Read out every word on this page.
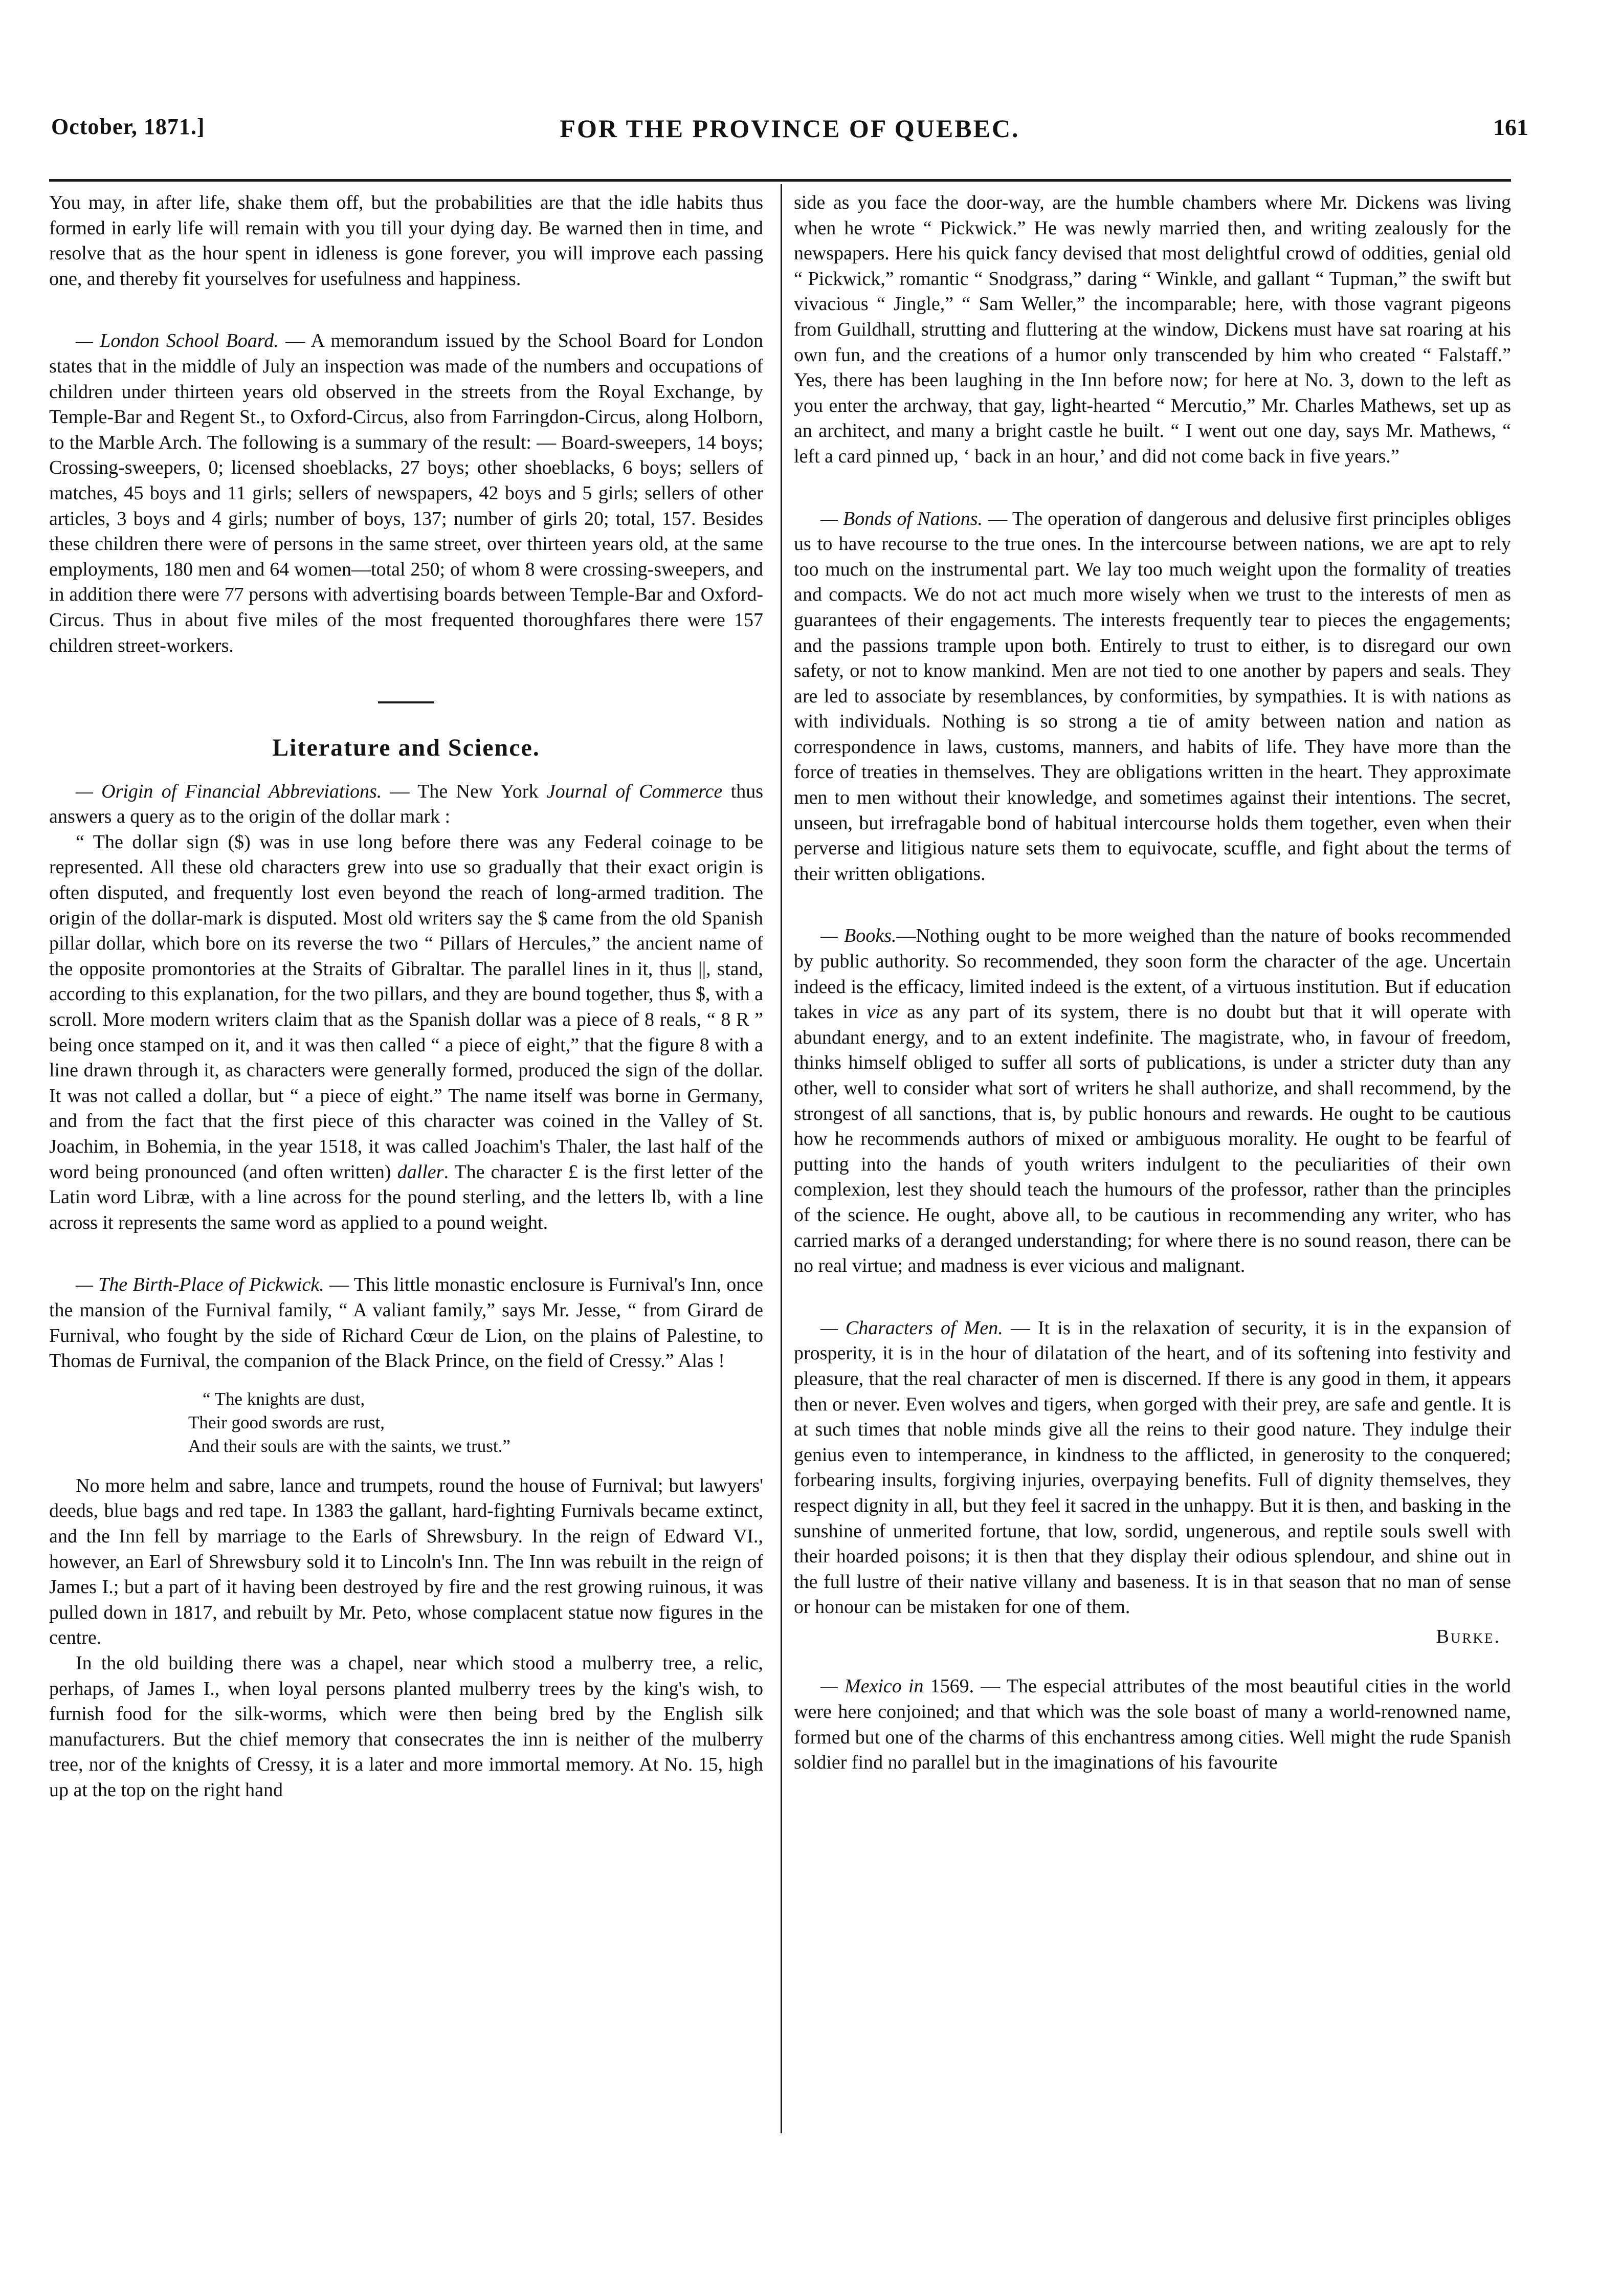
October, 1871.]	FOR THE PROVINCE OF QUEBEC.	161

You may, in after life, shake them off, but the probabilities are that the idle habits thus formed in early life will remain with you till your dying day. Be warned then in time, and resolve that as the hour spent in idleness is gone forever, you will improve each passing one, and thereby fit yourselves for usefulness and happiness.

— London School Board. — A memorandum issued by the School Board for London states that in the middle of July an inspection was made of the numbers and occupations of children under thirteen years old observed in the streets from the Royal Exchange, by Temple-Bar and Regent St., to Oxford-Circus, also from Farringdon-Circus, along Holborn, to the Marble Arch. The following is a summary of the result: — Board-sweepers, 14 boys; Crossing-sweepers, 0; licensed shoeblacks, 27 boys; other shoeblacks, 6 boys; sellers of matches, 45 boys and 11 girls; sellers of newspapers, 42 boys and 5 girls; sellers of other articles, 3 boys and 4 girls; number of boys, 137; number of girls 20; total, 157. Besides these children there were of persons in the same street, over thirteen years old, at the same employments, 180 men and 64 women—total 250; of whom 8 were crossing-sweepers, and in addition there were 77 persons with advertising boards between Temple-Bar and Oxford-Circus. Thus in about five miles of the most frequented thoroughfares there were 157 children street-workers.

Literature and Science.

— Origin of Financial Abbreviations. — The New York Journal of Commerce thus answers a query as to the origin of the dollar mark :

“ The dollar sign ($) was in use long before there was any Federal coinage to be represented. All these old characters grew into use so gradually that their exact origin is often disputed, and frequently lost even beyond the reach of long-armed tradition. The origin of the dollar-mark is disputed. Most old writers say the $ came from the old Spanish pillar dollar, which bore on its reverse the two “ Pillars of Hercules,” the ancient name of the opposite promontories at the Straits of Gibraltar. The parallel lines in it, thus ||, stand, according to this explanation, for the two pillars, and they are bound together, thus $, with a scroll. More modern writers claim that as the Spanish dollar was a piece of 8 reals, “ 8 R ” being once stamped on it, and it was then called “ a piece of eight,” that the figure 8 with a line drawn through it, as characters were generally formed, produced the sign of the dollar. It was not called a dollar, but “ a piece of eight.” The name itself was borne in Germany, and from the fact that the first piece of this character was coined in the Valley of St. Joachim, in Bohemia, in the year 1518, it was called Joachim's Thaler, the last half of the word being pronounced (and often written) daller. The character £ is the first letter of the Latin word Libræ, with a line across for the pound sterling, and the letters lb, with a line across it represents the same word as applied to a pound weight.

— The Birth-Place of Pickwick. — This little monastic enclosure is Furnival's Inn, once the mansion of the Furnival family, “ A valiant family,” says Mr. Jesse, “ from Girard de Furnival, who fought by the side of Richard Cœur de Lion, on the plains of Palestine, to Thomas de Furnival, the companion of the Black Prince, on the field of Cressy.” Alas !

“ The knights are dust,
Their good swords are rust,
And their souls are with the saints, we trust.”

No more helm and sabre, lance and trumpets, round the house of Furnival; but lawyers' deeds, blue bags and red tape. In 1383 the gallant, hard-fighting Furnivals became extinct, and the Inn fell by marriage to the Earls of Shrewsbury. In the reign of Edward VI., however, an Earl of Shrewsbury sold it to Lincoln's Inn. The Inn was rebuilt in the reign of James I.; but a part of it having been destroyed by fire and the rest growing ruinous, it was pulled down in 1817, and rebuilt by Mr. Peto, whose complacent statue now figures in the centre.

In the old building there was a chapel, near which stood a mulberry tree, a relic, perhaps, of James I., when loyal persons planted mulberry trees by the king's wish, to furnish food for the silk-worms, which were then being bred by the English silk manufacturers. But the chief memory that consecrates the inn is neither of the mulberry tree, nor of the knights of Cressy, it is a later and more immortal memory. At No. 15, high up at the top on the right hand

side as you face the door-way, are the humble chambers where Mr. Dickens was living when he wrote “ Pickwick.” He was newly married then, and writing zealously for the newspapers. Here his quick fancy devised that most delightful crowd of oddities, genial old “ Pickwick,” romantic “ Snodgrass,” daring “ Winkle, and gallant “ Tupman,” the swift but vivacious “ Jingle,” “ Sam Weller,” the incomparable; here, with those vagrant pigeons from Guildhall, strutting and fluttering at the window, Dickens must have sat roaring at his own fun, and the creations of a humor only transcended by him who created “ Falstaff.” Yes, there has been laughing in the Inn before now; for here at No. 3, down to the left as you enter the archway, that gay, light-hearted “ Mercutio,” Mr. Charles Mathews, set up as an architect, and many a bright castle he built. “ I went out one day, says Mr. Mathews, “ left a card pinned up, ‘ back in an hour,’ and did not come back in five years.”

— Bonds of Nations. — The operation of dangerous and delusive first principles obliges us to have recourse to the true ones. In the intercourse between nations, we are apt to rely too much on the instrumental part. We lay too much weight upon the formality of treaties and compacts. We do not act much more wisely when we trust to the interests of men as guarantees of their engagements. The interests frequently tear to pieces the engagements; and the passions trample upon both. Entirely to trust to either, is to disregard our own safety, or not to know mankind. Men are not tied to one another by papers and seals. They are led to associate by resemblances, by conformities, by sympathies. It is with nations as with individuals. Nothing is so strong a tie of amity between nation and nation as correspondence in laws, customs, manners, and habits of life. They have more than the force of treaties in themselves. They are obligations written in the heart. They approximate men to men without their knowledge, and sometimes against their intentions. The secret, unseen, but irrefragable bond of habitual intercourse holds them together, even when their perverse and litigious nature sets them to equivocate, scuffle, and fight about the terms of their written obligations.

— Books.—Nothing ought to be more weighed than the nature of books recommended by public authority. So recommended, they soon form the character of the age. Uncertain indeed is the efficacy, limited indeed is the extent, of a virtuous institution. But if education takes in vice as any part of its system, there is no doubt but that it will operate with abundant energy, and to an extent indefinite. The magistrate, who, in favour of freedom, thinks himself obliged to suffer all sorts of publications, is under a stricter duty than any other, well to consider what sort of writers he shall authorize, and shall recommend, by the strongest of all sanctions, that is, by public honours and rewards. He ought to be cautious how he recommends authors of mixed or ambiguous morality. He ought to be fearful of putting into the hands of youth writers indulgent to the peculiarities of their own complexion, lest they should teach the humours of the professor, rather than the principles of the science. He ought, above all, to be cautious in recommending any writer, who has carried marks of a deranged understanding; for where there is no sound reason, there can be no real virtue; and madness is ever vicious and malignant.

— Characters of Men. — It is in the relaxation of security, it is in the expansion of prosperity, it is in the hour of dilatation of the heart, and of its softening into festivity and pleasure, that the real character of men is discerned. If there is any good in them, it appears then or never. Even wolves and tigers, when gorged with their prey, are safe and gentle. It is at such times that noble minds give all the reins to their good nature. They indulge their genius even to intemperance, in kindness to the afflicted, in generosity to the conquered; forbearing insults, forgiving injuries, overpaying benefits. Full of dignity themselves, they respect dignity in all, but they feel it sacred in the unhappy. But it is then, and basking in the sunshine of unmerited fortune, that low, sordid, ungenerous, and reptile souls swell with their hoarded poisons; it is then that they display their odious splendour, and shine out in the full lustre of their native villany and baseness. It is in that season that no man of sense or honour can be mistaken for one of them.

Burke.

— Mexico in 1569. — The especial attributes of the most beautiful cities in the world were here conjoined; and that which was the sole boast of many a world-renowned name, formed but one of the charms of this enchantress among cities. Well might the rude Spanish soldier find no parallel but in the imaginations of his favourite
